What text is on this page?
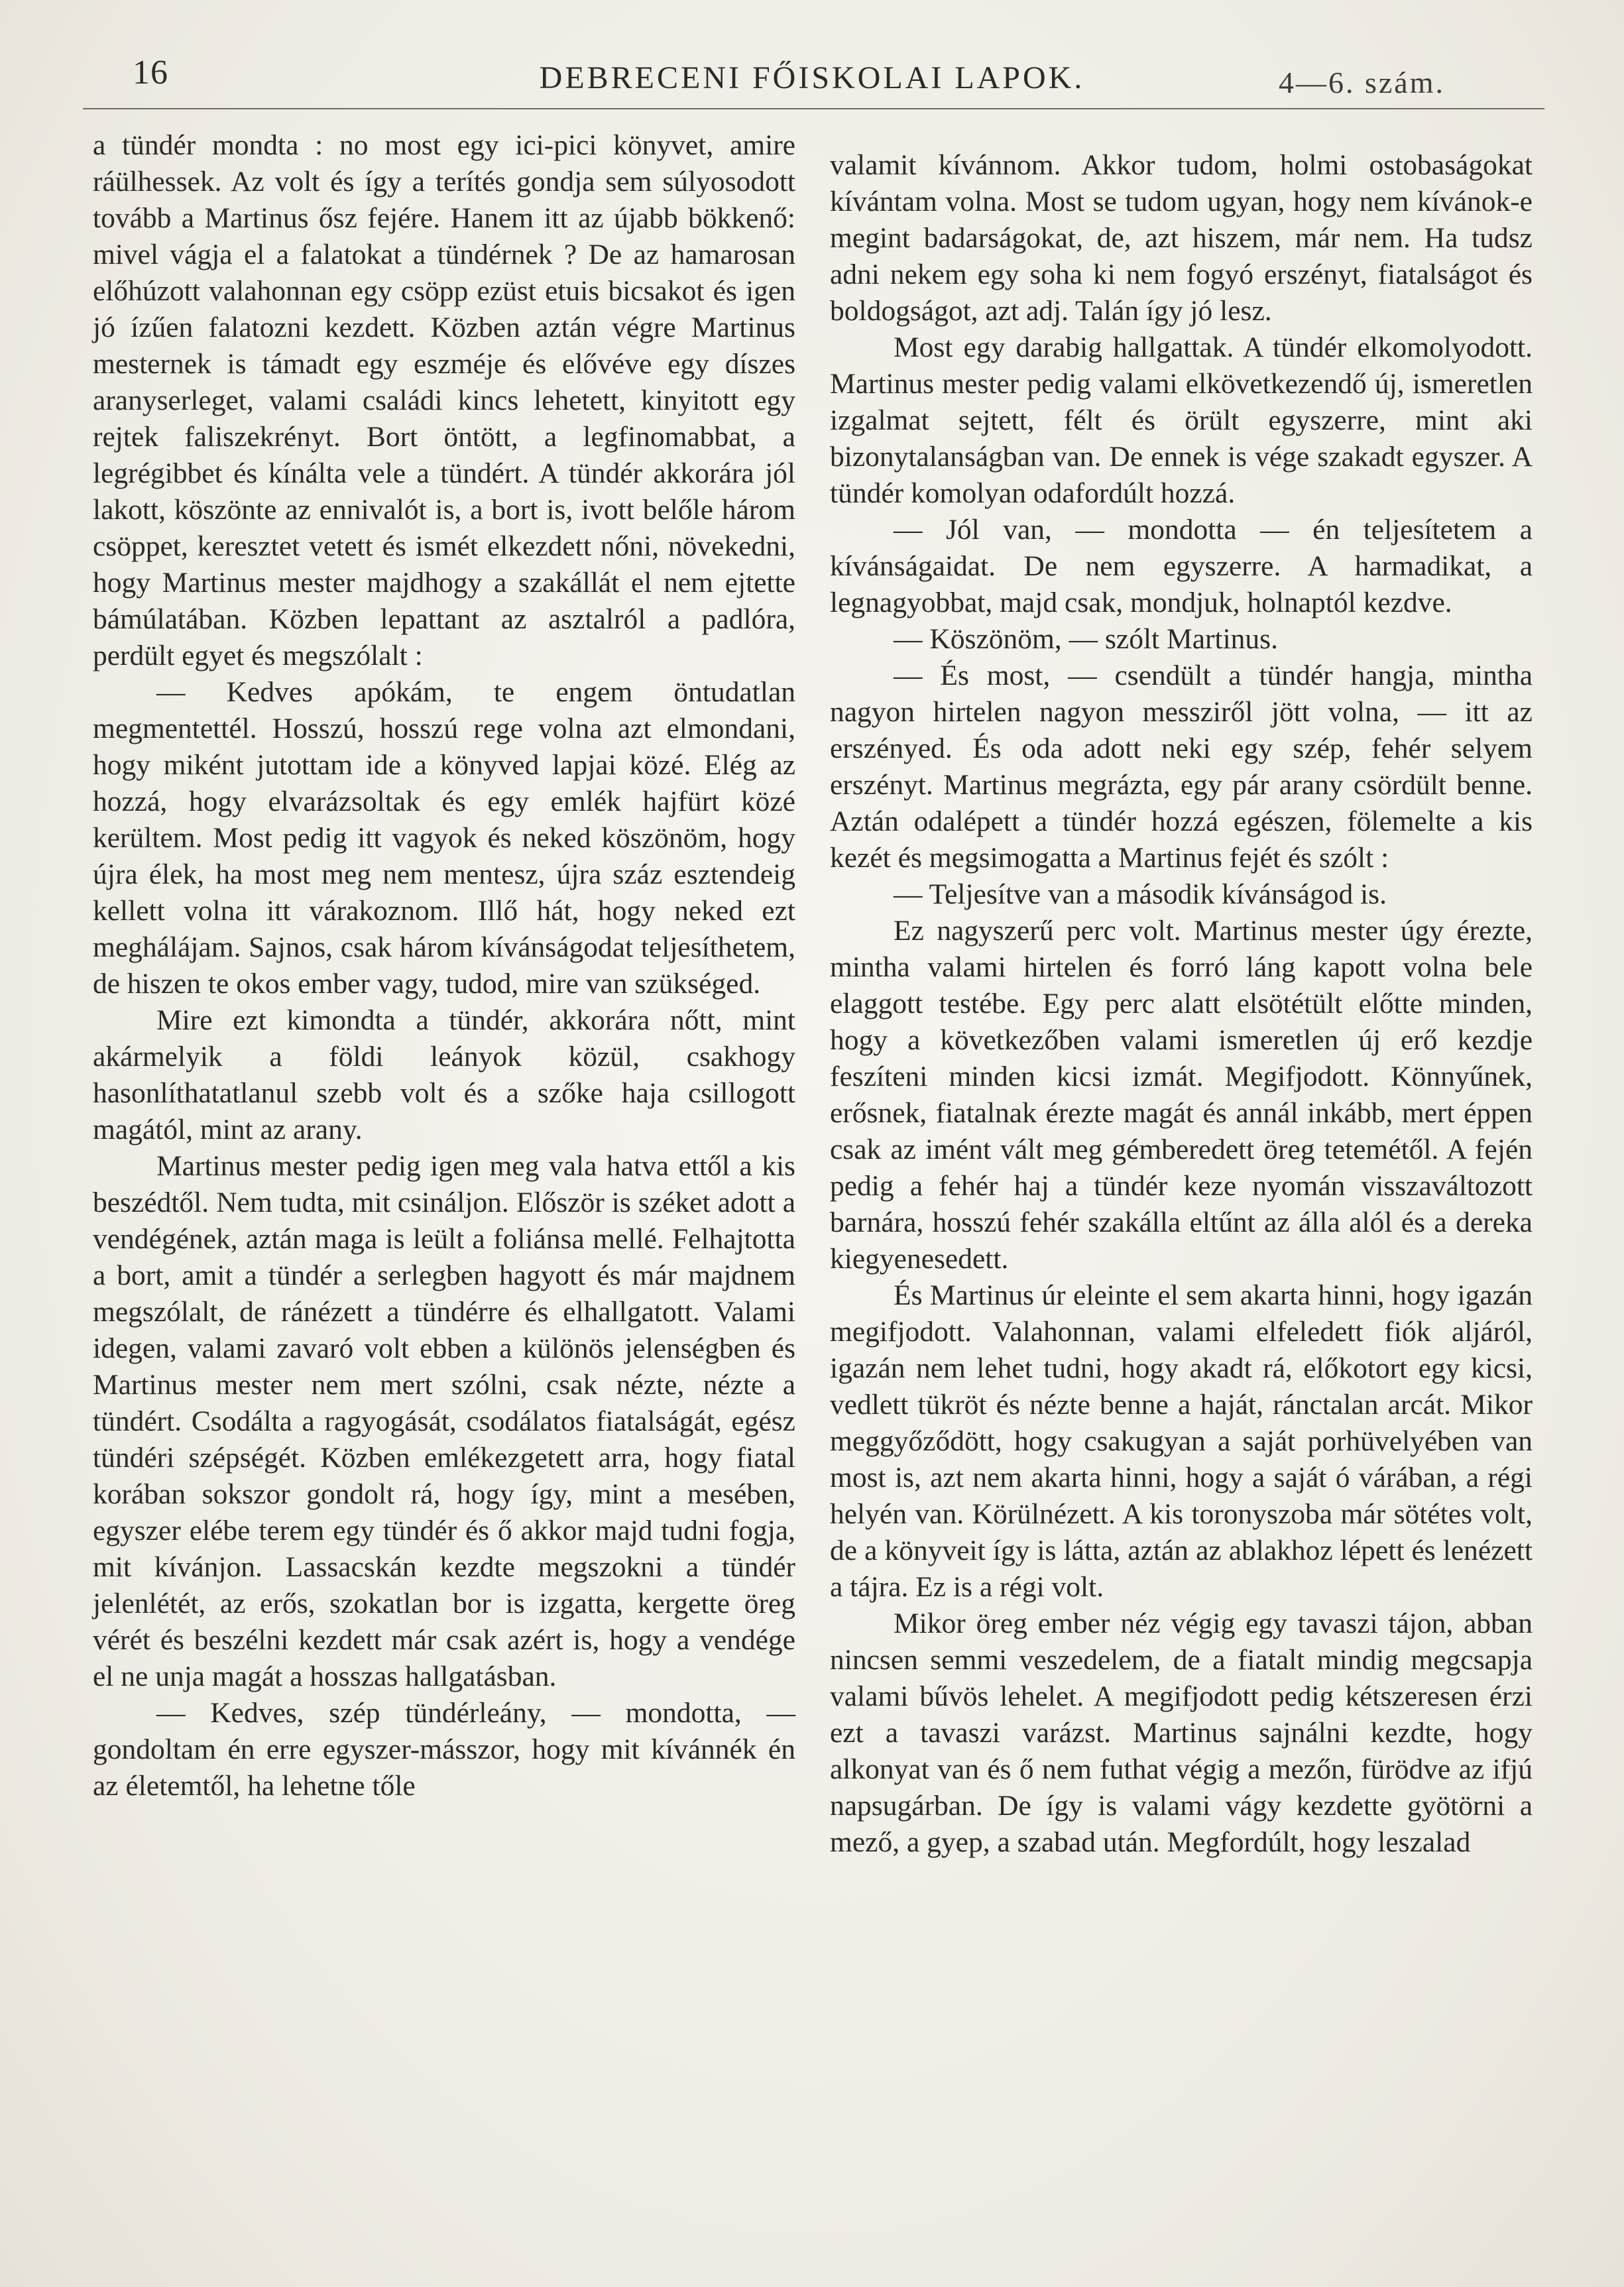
16	DEBRECENI FŐISKOLAI LAPOK.	4—6. szám.

a tündér mondta : no most egy ici-pici könyvet, amire ráülhessek. Az volt és így a terítés gondja sem súlyosodott tovább a Martinus ősz fejére. Hanem itt az újabb bökkenő: mivel vágja el a falatokat a tündérnek ? De az hamarosan előhúzott valahonnan egy csöpp ezüst etuis bicsakot és igen jó ízűen falatozni kezdett. Közben aztán végre Martinus mesternek is támadt egy eszméje és elővéve egy díszes aranyserleget, valami családi kincs lehetett, kinyitott egy rejtek faliszekrényt. Bort öntött, a legfinomabbat, a legrégibbet és kínálta vele a tündért. A tündér akkorára jól lakott, köszönte az ennivalót is, a bort is, ivott belőle három csöppet, keresztet vetett és ismét elkezdett nőni, növekedni, hogy Martinus mester majdhogy a szakállát el nem ejtette bámúlatában. Közben lepattant az asztalról a padlóra, perdült egyet és megszólalt :

— Kedves apókám, te engem öntudatlan megmentettél. Hosszú, hosszú rege volna azt elmondani, hogy miként jutottam ide a könyved lapjai közé. Elég az hozzá, hogy elvarázsoltak és egy emlék hajfürt közé kerültem. Most pedig itt vagyok és neked köszönöm, hogy újra élek, ha most meg nem mentesz, újra száz esztendeig kellett volna itt várakoznom. Illő hát, hogy neked ezt meghálájam. Sajnos, csak három kívánságodat teljesíthetem, de hiszen te okos ember vagy, tudod, mire van szükséged.

Mire ezt kimondta a tündér, akkorára nőtt, mint akármelyik a földi leányok közül, csakhogy hasonlíthatatlanul szebb volt és a szőke haja csillogott magától, mint az arany.

Martinus mester pedig igen meg vala hatva ettől a kis beszédtől. Nem tudta, mit csináljon. Először is széket adott a vendégének, aztán maga is leült a foliánsa mellé. Felhajtotta a bort, amit a tündér a serlegben hagyott és már majdnem megszólalt, de ránézett a tündérre és elhallgatott. Valami idegen, valami zavaró volt ebben a különös jelenségben és Martinus mester nem mert szólni, csak nézte, nézte a tündért. Csodálta a ragyogását, csodálatos fiatalságát, egész tündéri szépségét. Közben emlékezgetett arra, hogy fiatal korában sokszor gondolt rá, hogy így, mint a mesében, egyszer elébe terem egy tündér és ő akkor majd tudni fogja, mit kívánjon. Lassacskán kezdte megszokni a tündér jelenlétét, az erős, szokatlan bor is izgatta, kergette öreg vérét és beszélni kezdett már csak azért is, hogy a vendége el ne unja magát a hosszas hallgatásban.

— Kedves, szép tündérleány, — mondotta, — gondoltam én erre egyszer-másszor, hogy mit kívánnék én az életemtől, ha lehetne tőle

valamit kívánnom. Akkor tudom, holmi ostobaságokat kívántam volna. Most se tudom ugyan, hogy nem kívánok-e megint badarságokat, de, azt hiszem, már nem. Ha tudsz adni nekem egy soha ki nem fogyó erszényt, fiatalságot és boldogságot, azt adj. Talán így jó lesz.

Most egy darabig hallgattak. A tündér elkomolyodott. Martinus mester pedig valami elkövetkezendő új, ismeretlen izgalmat sejtett, félt és örült egyszerre, mint aki bizonytalanságban van. De ennek is vége szakadt egyszer. A tündér komolyan odafordúlt hozzá.

— Jól van, — mondotta — én teljesítetem a kívánságaidat. De nem egyszerre. A harmadikat, a legnagyobbat, majd csak, mondjuk, holnaptól kezdve.

— Köszönöm, — szólt Martinus.

— És most, — csendült a tündér hangja, mintha nagyon hirtelen nagyon messziről jött volna, — itt az erszényed. És oda adott neki egy szép, fehér selyem erszényt. Martinus megrázta, egy pár arany csördült benne. Aztán odalépett a tündér hozzá egészen, fölemelte a kis kezét és megsimogatta a Martinus fejét és szólt :

— Teljesítve van a második kívánságod is.

Ez nagyszerű perc volt. Martinus mester úgy érezte, mintha valami hirtelen és forró láng kapott volna bele elaggott testébe. Egy perc alatt elsötétült előtte minden, hogy a következőben valami ismeretlen új erő kezdje feszíteni minden kicsi izmát. Megifjodott. Könnyűnek, erősnek, fiatalnak érezte magát és annál inkább, mert éppen csak az imént vált meg gémberedett öreg tetemétől. A fején pedig a fehér haj a tündér keze nyomán visszaváltozott barnára, hosszú fehér szakálla eltűnt az álla alól és a dereka kiegyenesedett.

És Martinus úr eleinte el sem akarta hinni, hogy igazán megifjodott. Valahonnan, valami elfeledett fiók aljáról, igazán nem lehet tudni, hogy akadt rá, előkotort egy kicsi, vedlett tükröt és nézte benne a haját, ránctalan arcát. Mikor meggyőződött, hogy csakugyan a saját porhüvelyében van most is, azt nem akarta hinni, hogy a saját ó várában, a régi helyén van. Körülnézett. A kis toronyszoba már sötétes volt, de a könyveit így is látta, aztán az ablakhoz lépett és lenézett a tájra. Ez is a régi volt.

Mikor öreg ember néz végig egy tavaszi tájon, abban nincsen semmi veszedelem, de a fiatalt mindig megcsapja valami bűvös lehelet. A megifjodott pedig kétszeresen érzi ezt a tavaszi varázst. Martinus sajnálni kezdte, hogy alkonyat van és ő nem futhat végig a mezőn, fürödve az ifjú napsugárban. De így is valami vágy kezdette gyötörni a mező, a gyep, a szabad után. Megfordúlt, hogy leszalad
